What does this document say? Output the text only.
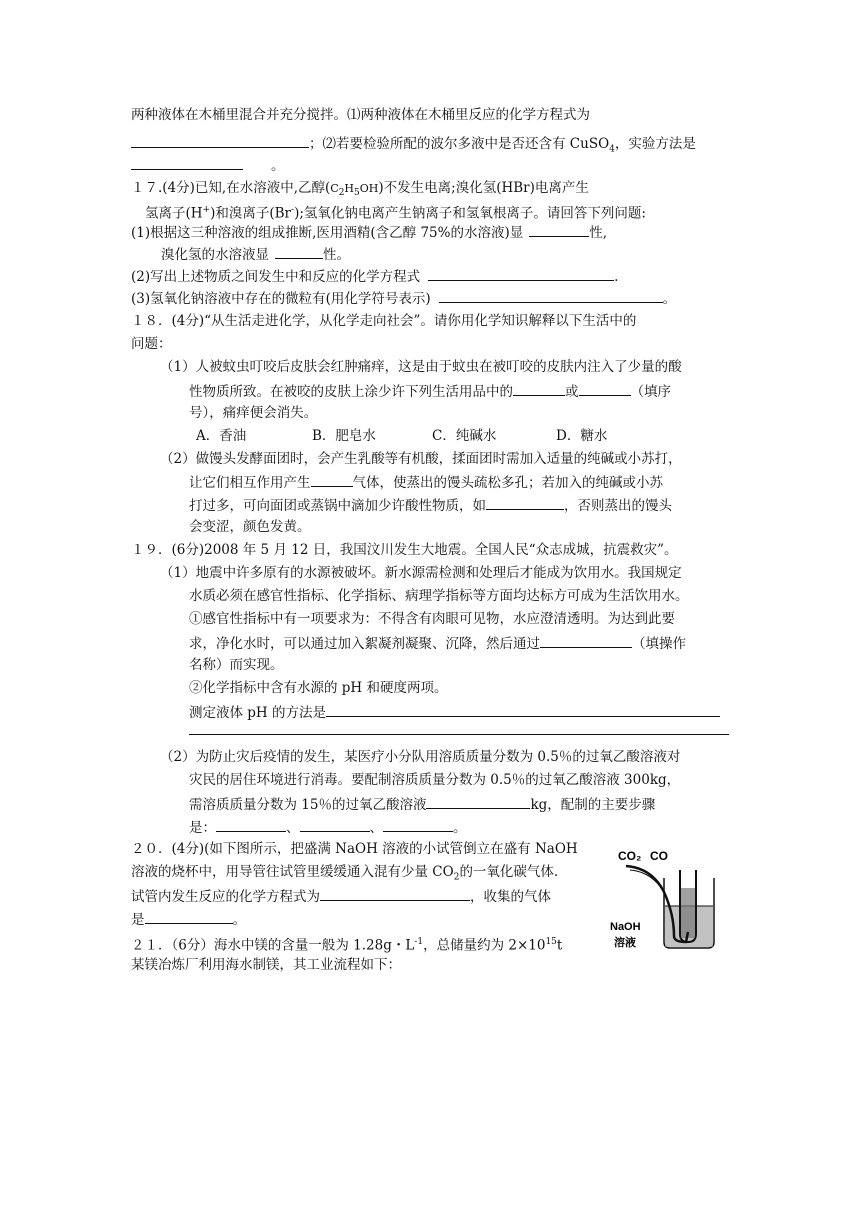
两种液体在木桶里混合并充分搅拌。⑴两种液体在木桶里反应的化学方程式为
；⑵若要检验所配的波尔多液中是否还含有 CuSO$_4$，实验方法是
。
１７.(4分)已知,在水溶液中,乙醇$(C_2H_5OH)$不发生电离;溴化氢(HBr)电离产生
氢离子(H+)和溴离子(Br-);氢氧化钠电离产生钠离子和氢氧根离子。请回答下列问题:
(1)根据这三种溶液的组成推断,医用酒精(含乙醇 75%的水溶液)显	性,
溴化氢的水溶液显	性。
(2)写出上述物质之间发生中和反应的化学方程式	.
(3)氢氧化钠溶液中存在的微粒有(用化学符号表示)	。
１８．(4分)“从生活走进化学，从化学走向社会”。请你用化学知识解释以下生活中的
问题：
（1）人被蚊虫叮咬后皮肤会红肿痛痒，这是由于蚊虫在被叮咬的皮肤内注入了少量的酸
性物质所致。在被咬的皮肤上涂少许下列生活用品中的	或	（填序
号），痛痒便会消失。
A．香油	B．肥皂水	C．纯碱水	D．糖水
（2）做馒头发酵面团时，会产生乳酸等有机酸，揉面团时需加入适量的纯碱或小苏打，
让它们相互作用产生	气体，使蒸出的馒头疏松多孔；若加入的纯碱或小苏
打过多，可向面团或蒸锅中滴加少许酸性物质，如	，否则蒸出的馒头
会变涩，颜色发黄。
１９．(6分)2008 年 5 月 12 日，我国汶川发生大地震。全国人民“众志成城，抗震救灾”。
（1）地震中许多原有的水源被破坏。新水源需检测和处理后才能成为饮用水。我国规定
水质必须在感官性指标、化学指标、病理学指标等方面均达标方可成为生活饮用水。
①感官性指标中有一项要求为：不得含有肉眼可见物，水应澄清透明。为达到此要
求，净化水时，可以通过加入絮凝剂凝聚、沉降，然后通过	（填操作
名称）而实现。
②化学指标中含有水源的 pH 和硬度两项。
测定液体 pH 的方法是
（2）为防止灾后疫情的发生，某医疗小分队用溶质质量分数为 0.5％的过氧乙酸溶液对
灾民的居住环境进行消毒。要配制溶质质量分数为 0.5％的过氧乙酸溶液 300kg，
需溶质质量分数为 15％的过氧乙酸溶液	kg，配制的主要步骤
是：	、	、	。
２０．(4分)(如下图所示，把盛满 NaOH 溶液的小试管倒立在盛有 NaOH
溶液的烧杯中，用导管往试管里缓缓通入混有少量 $CO_2$的一氧化碳气体.
试管内发生反应的化学方程式为	，收集的气体
是	。
CO₂ CO
NaOH
溶液
２１．（6分）海水中镁的含量一般为 1.28g・$L^{-1}$，总储量约为 $2\times 10^{15}t$
某镁冶炼厂利用海水制镁，其工业流程如下：
